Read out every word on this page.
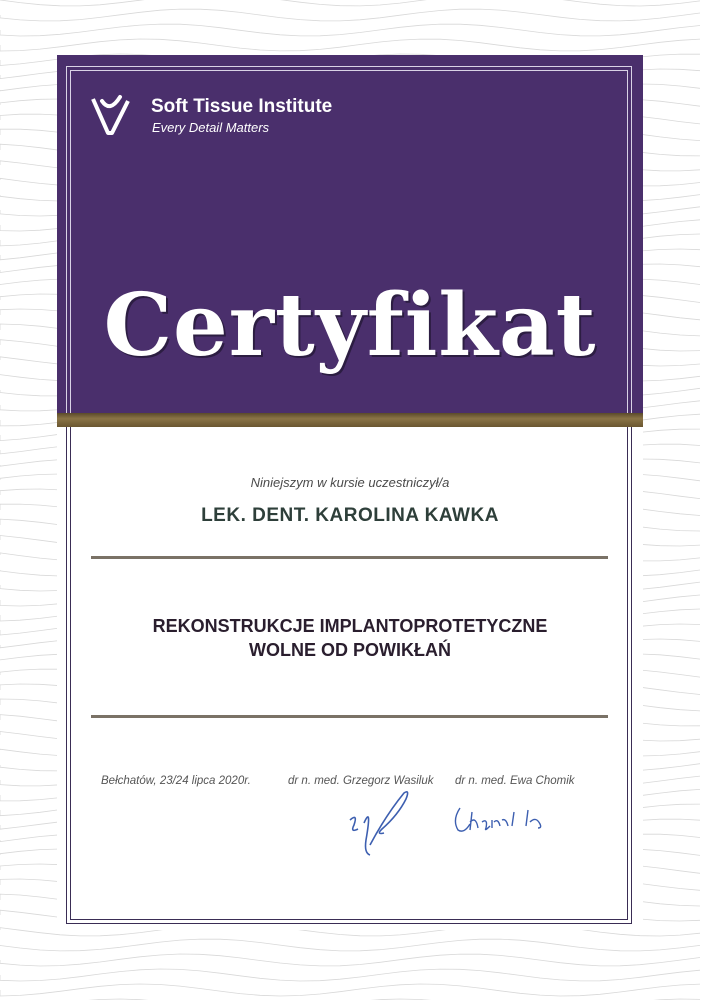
Soft Tissue Institute
Every Detail Matters
Certyfikat
Niniejszym w kursie uczestniczył/a
LEK. DENT. KAROLINA KAWKA
REKONSTRUKCJE IMPLANTOPROTETYCZNE
WOLNE OD POWIKŁAŃ
Bełchatów, 23/24 lipca 2020r.	dr n. med. Grzegorz Wasiluk dr n. med. Ewa Chomik
